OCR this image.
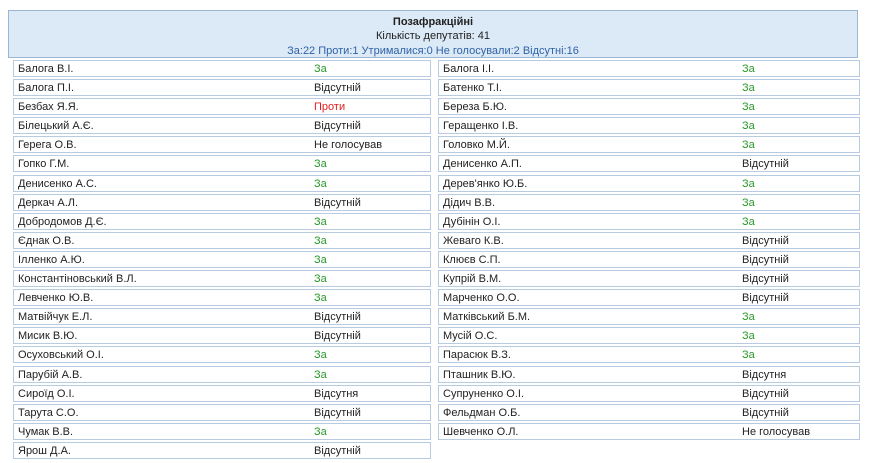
Позафракційні
Кількість депутатів: 41
За:22 Проти:1 Утрималися:0 Не голосували:2 Відсутні:16
Балога В.І.	За
Балога П.І.	Відсутній
Безбах Я.Я.	Проти
Білецький А.Є.	Відсутній
Герега О.В.	Не голосував
Гопко Г.М.	За
Денисенко А.С.	За
Деркач А.Л.	Відсутній
Добродомов Д.Є.	За
Єднак О.В.	За
Ілленко А.Ю.	За
Константіновський В.Л.	За
Левченко Ю.В.	За
Матвійчук Е.Л.	Відсутній
Мисик В.Ю.	Відсутній
Осуховський О.І.	За
Парубій А.В.	За
Сироїд О.І.	Відсутня
Тарута С.О.	Відсутній
Чумак В.В.	За
Ярош Д.А.	Відсутній
Балога І.І.	За
Батенко Т.І.	За
Береза Б.Ю.	За
Геращенко І.В.	За
Головко М.Й.	За
Денисенко А.П.	Відсутній
Дерев'янко Ю.Б.	За
Дідич В.В.	За
Дубінін О.І.	За
Жеваго К.В.	Відсутній
Клюєв С.П.	Відсутній
Купрій В.М.	Відсутній
Марченко О.О.	Відсутній
Матківський Б.М.	За
Мусій О.С.	За
Парасюк В.З.	За
Пташник В.Ю.	Відсутня
Супруненко О.І.	Відсутній
Фельдман О.Б.	Відсутній
Шевченко О.Л.	Не голосував
